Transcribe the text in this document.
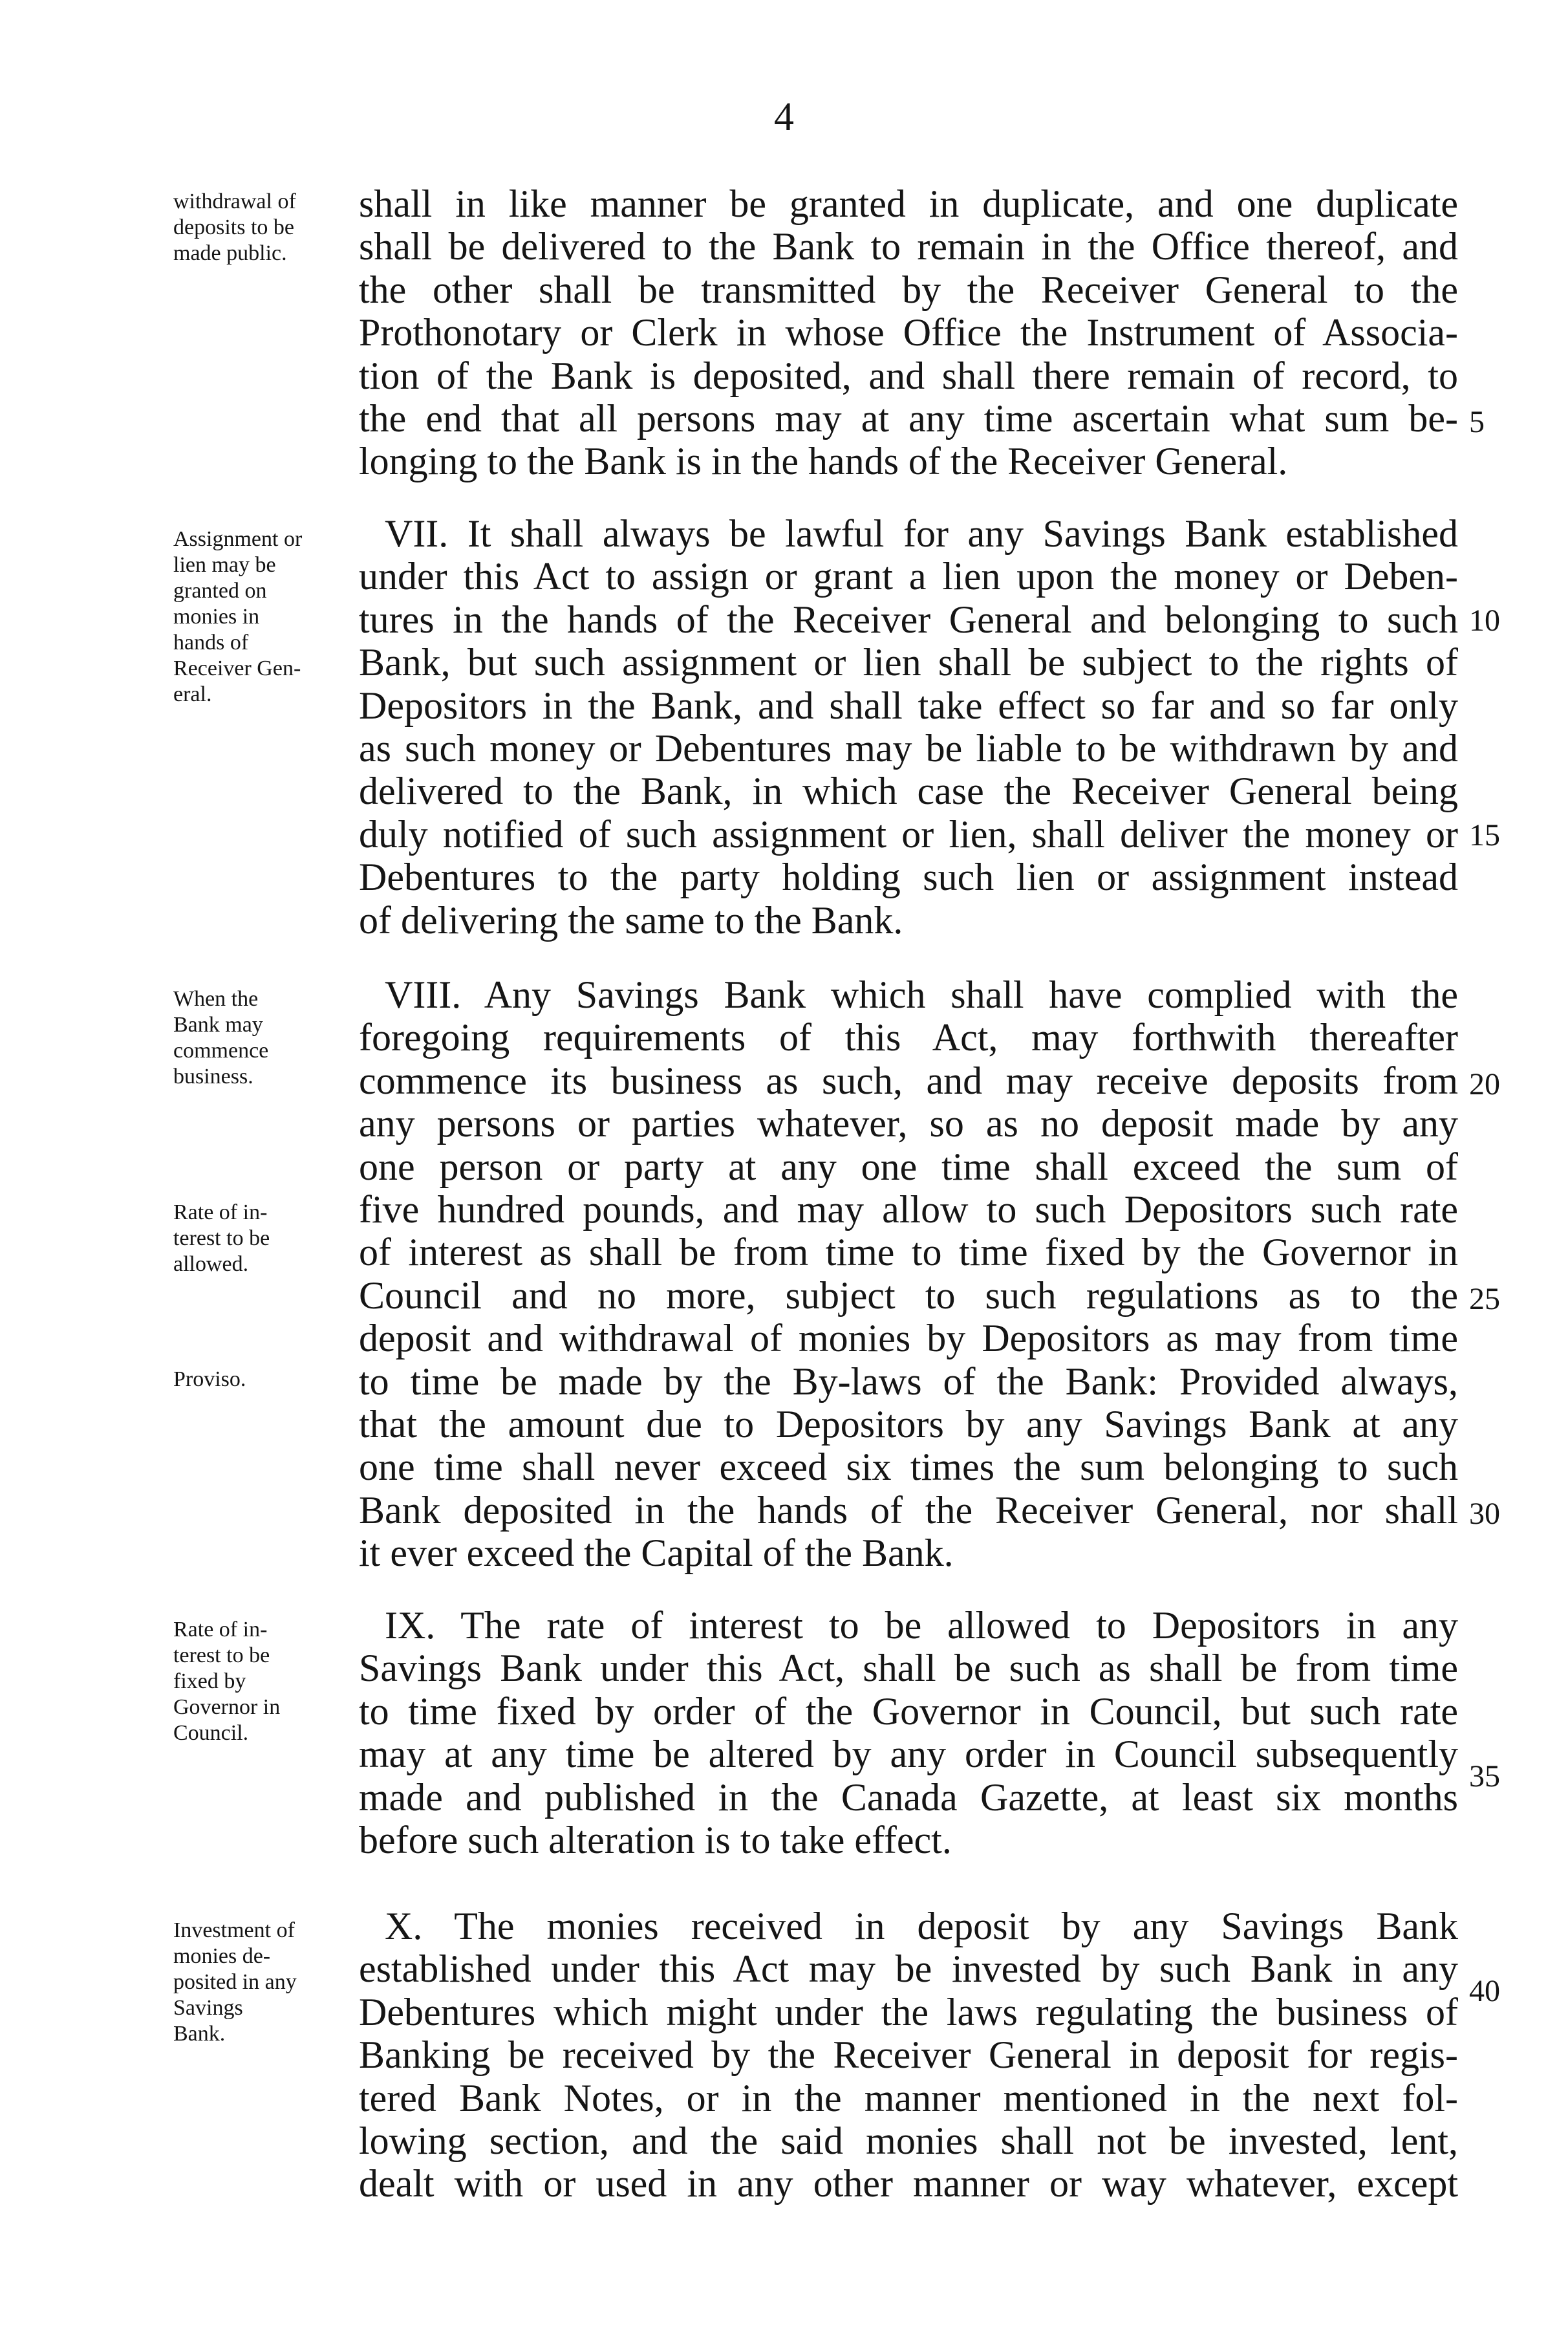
4
withdrawal of
deposits to be
made public.
shall in like manner be granted in duplicate, and one duplicate
shall be delivered to the Bank to remain in the Office thereof, and
the other shall be transmitted by the Receiver General to the
Prothonotary or Clerk in whose Office the Instrument of Associa-
tion of the Bank is deposited, and shall there remain of record, to
the end that all persons may at any time ascertain what sum be-
longing to the Bank is in the hands of the Receiver General.
Assignment or
lien may be
granted on
monies in
hands of
Receiver Gen-
eral.
VII. It shall always be lawful for any Savings Bank established
under this Act to assign or grant a lien upon the money or Deben-
tures in the hands of the Receiver General and belonging to such
Bank, but such assignment or lien shall be subject to the rights of
Depositors in the Bank, and shall take effect so far and so far only
as such money or Debentures may be liable to be withdrawn by and
delivered to the Bank, in which case the Receiver General being
duly notified of such assignment or lien, shall deliver the money or
Debentures to the party holding such lien or assignment instead
of delivering the same to the Bank.
When the
Bank may
commence
business.
Rate of in-
terest to be
allowed.
Proviso.
VIII. Any Savings Bank which shall have complied with the
foregoing requirements of this Act, may forthwith thereafter
commence its business as such, and may receive deposits from
any persons or parties whatever, so as no deposit made by any
one person or party at any one time shall exceed the sum of
five hundred pounds, and may allow to such Depositors such rate
of interest as shall be from time to time fixed by the Governor in
Council and no more, subject to such regulations as to the
deposit and withdrawal of monies by Depositors as may from time
to time be made by the By-laws of the Bank: Provided always,
that the amount due to Depositors by any Savings Bank at any
one time shall never exceed six times the sum belonging to such
Bank deposited in the hands of the Receiver General, nor shall
it ever exceed the Capital of the Bank.
Rate of in-
terest to be
fixed by
Governor in
Council.
IX. The rate of interest to be allowed to Depositors in any
Savings Bank under this Act, shall be such as shall be from time
to time fixed by order of the Governor in Council, but such rate
may at any time be altered by any order in Council subsequently
made and published in the Canada Gazette, at least six months
before such alteration is to take effect.
Investment of
monies de-
posited in any
Savings
Bank.
X. The monies received in deposit by any Savings Bank
established under this Act may be invested by such Bank in any
Debentures which might under the laws regulating the business of
Banking be received by the Receiver General in deposit for regis-
tered Bank Notes, or in the manner mentioned in the next fol-
lowing section, and the said monies shall not be invested, lent,
dealt with or used in any other manner or way whatever, except
5
10
15
20
25
30
35
40
